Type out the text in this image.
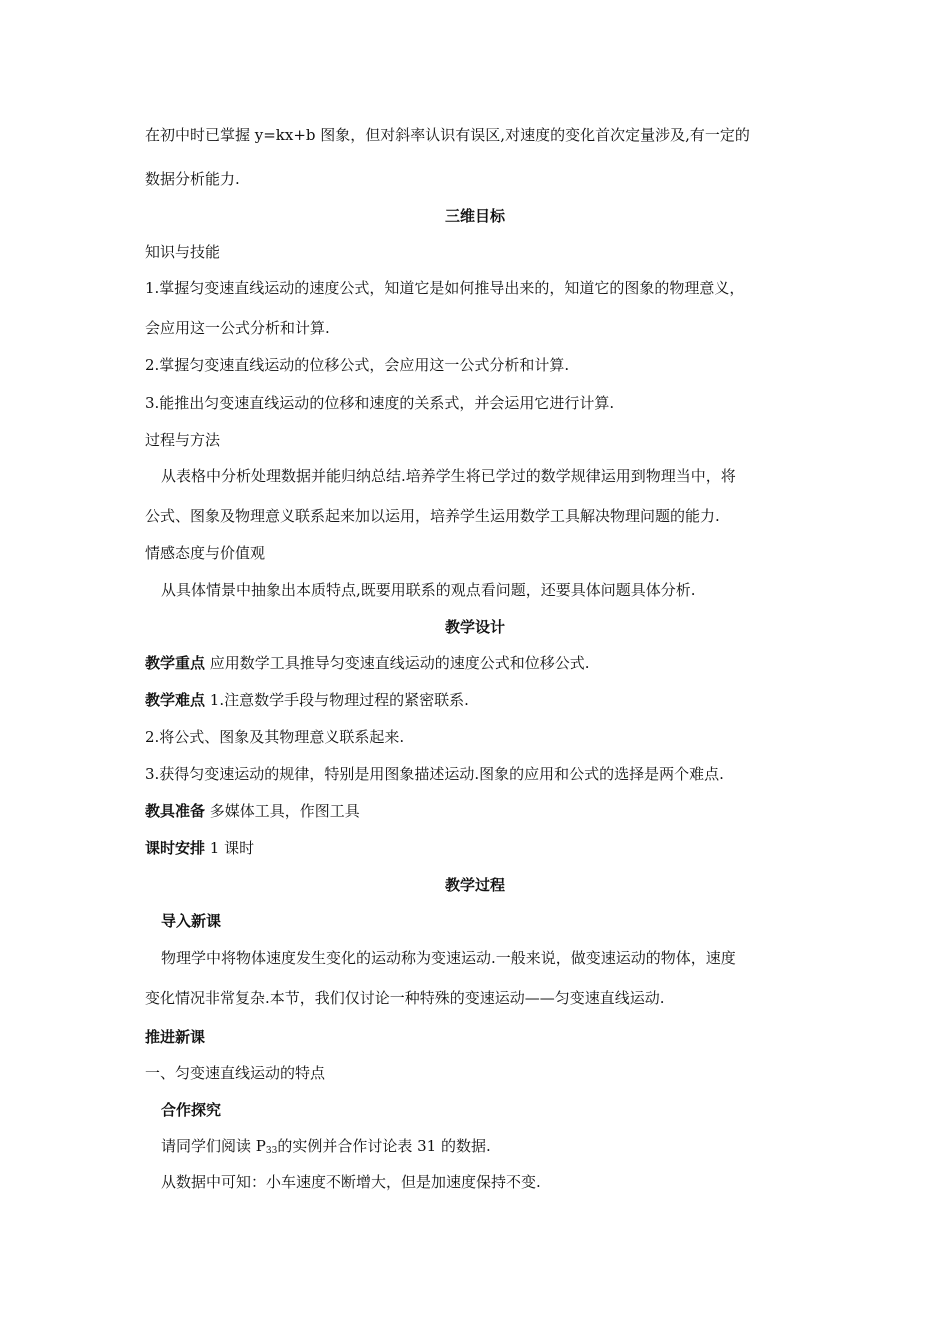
在初中时已掌握 y=kx+b 图象，但对斜率认识有误区,对速度的变化首次定量涉及,有一定的
数据分析能力.
三维目标
知识与技能
1.掌握匀变速直线运动的速度公式，知道它是如何推导出来的，知道它的图象的物理意义，
会应用这一公式分析和计算.
2.掌握匀变速直线运动的位移公式，会应用这一公式分析和计算.
3.能推出匀变速直线运动的位移和速度的关系式，并会运用它进行计算.
过程与方法
从表格中分析处理数据并能归纳总结.培养学生将已学过的数学规律运用到物理当中，将
公式、图象及物理意义联系起来加以运用，培养学生运用数学工具解决物理问题的能力.
情感态度与价值观
从具体情景中抽象出本质特点,既要用联系的观点看问题，还要具体问题具体分析.
教学设计
教学重点 应用数学工具推导匀变速直线运动的速度公式和位移公式.
教学难点 1.注意数学手段与物理过程的紧密联系.
2.将公式、图象及其物理意义联系起来.
3.获得匀变速运动的规律，特别是用图象描述运动.图象的应用和公式的选择是两个难点.
教具准备 多媒体工具，作图工具
课时安排 1 课时
教学过程
导入新课
物理学中将物体速度发生变化的运动称为变速运动.一般来说，做变速运动的物体，速度
变化情况非常复杂.本节，我们仅讨论一种特殊的变速运动——匀变速直线运动.
推进新课
一、匀变速直线运动的特点
合作探究
请同学们阅读 $P_{33}$的实例并合作讨论表 31 的数据.
从数据中可知：小车速度不断增大，但是加速度保持不变.
